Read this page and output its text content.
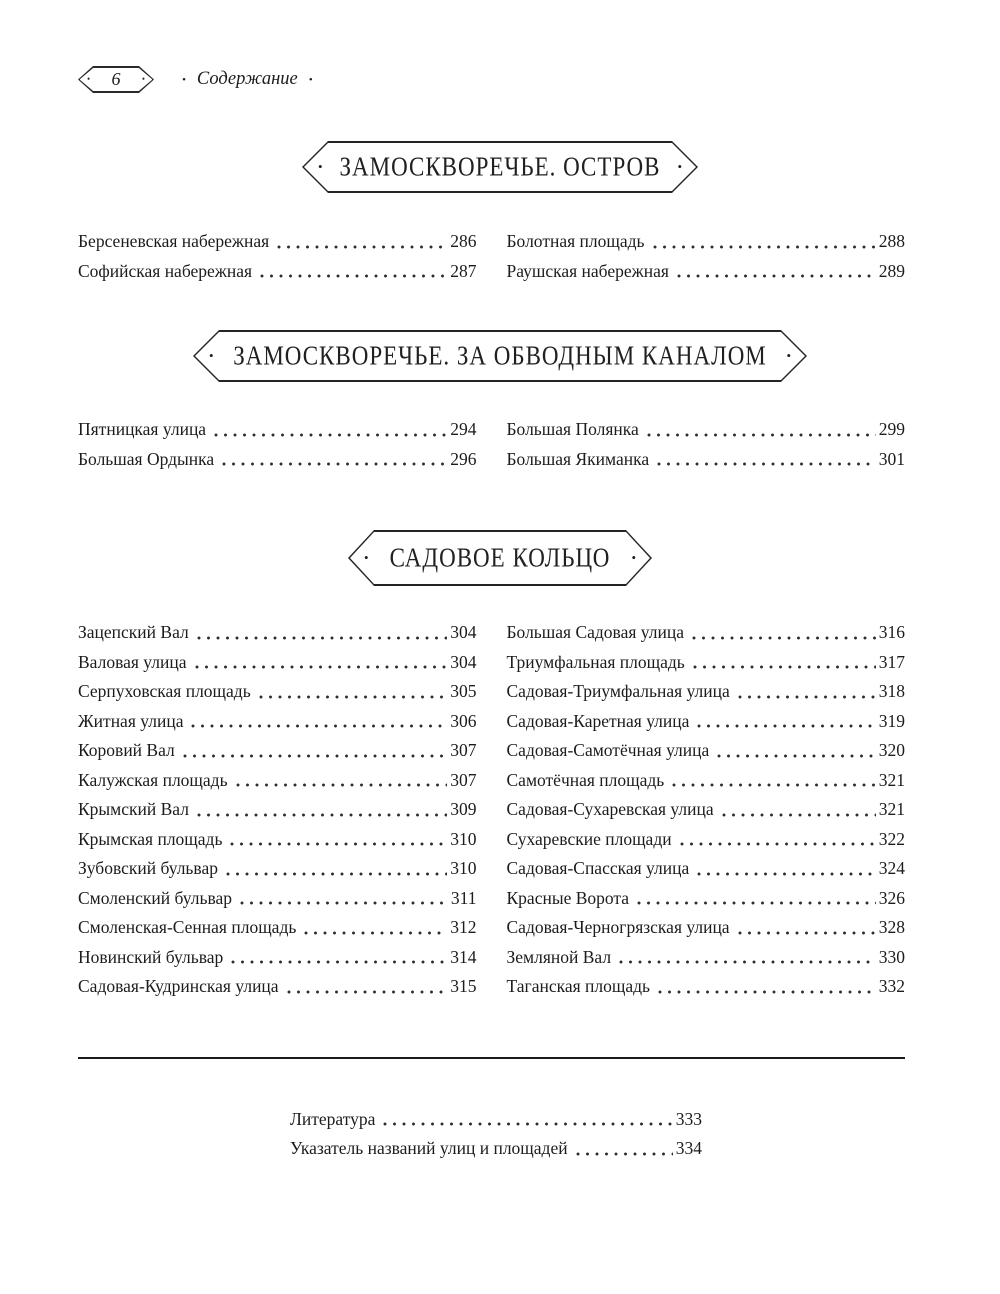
• 6 •	• Содержание •
• ЗАМОСКВОРЕЧЬЕ. ОСТРОВ	•
Берсеневская набережная	286
Софийская набережная	287
Болотная площадь	288
Раушская набережная	289
• ЗАМОСКВОРЕЧЬЕ. ЗА ОБВОДНЫМ КАНАЛОМ	•
Пятницкая улица	294
Большая Ордынка	296
Большая Полянка	299
Большая Якиманка	301
• САДОВОЕ КОЛЬЦО	•
Зацепский Вал	304
Валовая улица	304
Серпуховская площадь	305
Житная улица	306
Коровий Вал	307
Калужская площадь	307
Крымский Вал	309
Крымская площадь	310
Зубовский бульвар	310
Смоленский бульвар	311
Смоленская-Сенная площадь	312
Новинский бульвар	314
Садовая-Кудринская улица	315
Большая Садовая улица	316
Триумфальная площадь	317
Садовая-Триумфальная улица	318
Садовая-Каретная улица	319
Садовая-Самотёчная улица	320
Самотёчная площадь	321
Садовая-Сухаревская улица	321
Сухаревские площади	322
Садовая-Спасская улица	324
Красные Ворота	326
Садовая-Черногрязская улица	328
Земляной Вал	330
Таганская площадь	332
Литература	333
Указатель названий улиц и площадей	334
